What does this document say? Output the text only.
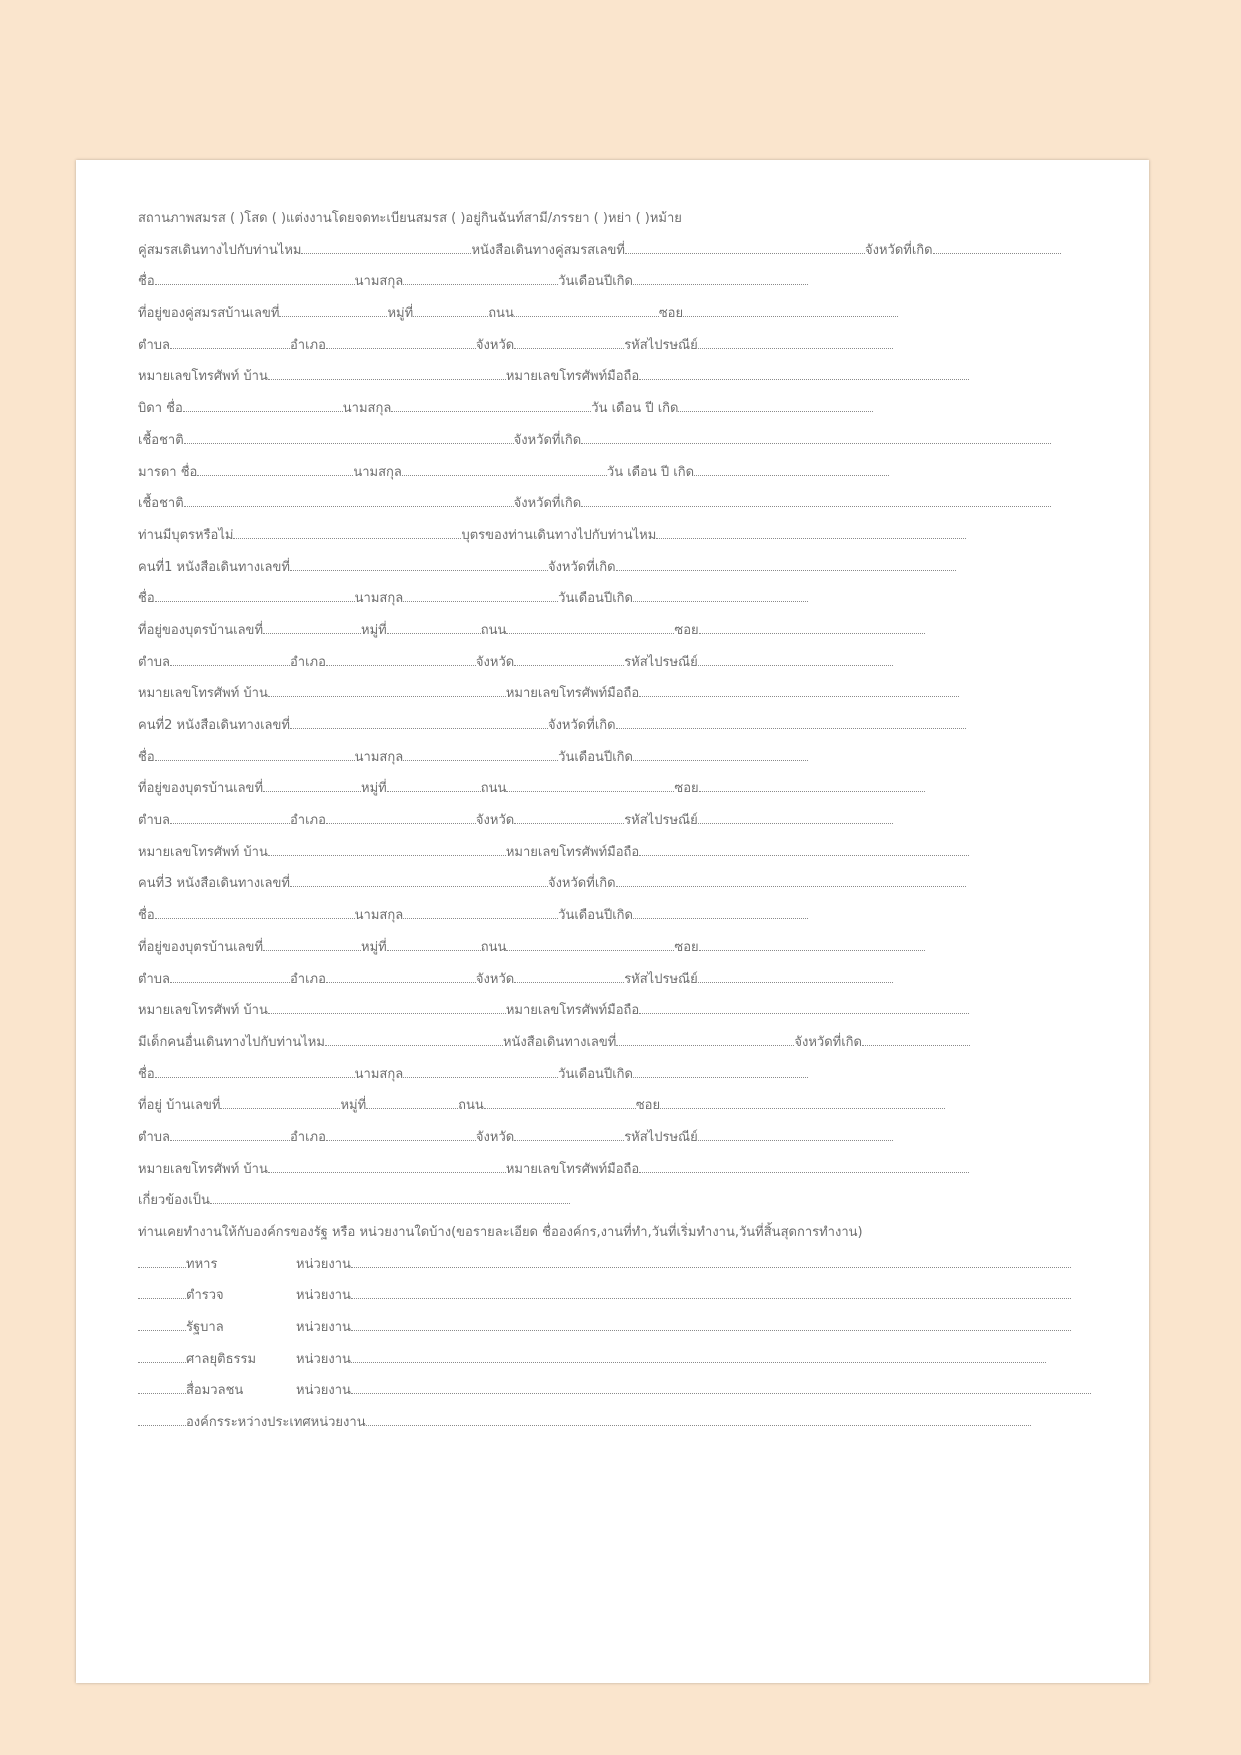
สถานภาพสมรส ( )โสด ( )แต่งงานโดยจดทะเบียนสมรส ( )อยู่กินฉันท์สามี/ภรรยา ( )หย่า ( )หม้าย
คู่สมรสเดินทางไปกับท่านไหม	หนังสือเดินทางคู่สมรสเลขที่	จังหวัดที่เกิด
ชื่อ	นามสกุล	วันเดือนปีเกิด
ที่อยู่ของคู่สมรสบ้านเลขที่	หมู่ที่	ถนน	ซอย
ตำบล	อำเภอ	จังหวัด	รหัสไปรษณีย์
หมายเลขโทรศัพท์ บ้าน	หมายเลขโทรศัพท์มือถือ
บิดา ชื่อ	นามสกุล	วัน เดือน ปี เกิด
เชื้อชาติ	จังหวัดที่เกิด
มารดา ชื่อ	นามสกุล	วัน เดือน ปี เกิด
เชื้อชาติ	จังหวัดที่เกิด
ท่านมีบุตรหรือไม่	บุตรของท่านเดินทางไปกับท่านไหม
คนที่1 หนังสือเดินทางเลขที่	จังหวัดที่เกิด
ชื่อ	นามสกุล	วันเดือนปีเกิด
ที่อยู่ของบุตรบ้านเลขที่	หมู่ที่	ถนน	ซอย
ตำบล	อำเภอ	จังหวัด	รหัสไปรษณีย์
หมายเลขโทรศัพท์ บ้าน	หมายเลขโทรศัพท์มือถือ
คนที่2 หนังสือเดินทางเลขที่	จังหวัดที่เกิด
ชื่อ	นามสกุล	วันเดือนปีเกิด
ที่อยู่ของบุตรบ้านเลขที่	หมู่ที่	ถนน	ซอย
ตำบล	อำเภอ	จังหวัด	รหัสไปรษณีย์
หมายเลขโทรศัพท์ บ้าน	หมายเลขโทรศัพท์มือถือ
คนที่3 หนังสือเดินทางเลขที่	จังหวัดที่เกิด
ชื่อ	นามสกุล	วันเดือนปีเกิด
ที่อยู่ของบุตรบ้านเลขที่	หมู่ที่	ถนน	ซอย
ตำบล	อำเภอ	จังหวัด	รหัสไปรษณีย์
หมายเลขโทรศัพท์ บ้าน	หมายเลขโทรศัพท์มือถือ
มีเด็กคนอื่นเดินทางไปกับท่านไหม	หนังสือเดินทางเลขที่	จังหวัดที่เกิด
ชื่อ	นามสกุล	วันเดือนปีเกิด
ที่อยู่ บ้านเลขที่	หมู่ที่	ถนน	ซอย
ตำบล	อำเภอ	จังหวัด	รหัสไปรษณีย์
หมายเลขโทรศัพท์ บ้าน	หมายเลขโทรศัพท์มือถือ
เกี่ยวข้องเป็น
ท่านเคยทำงานให้กับองค์กรของรัฐ หรือ หน่วยงานใดบ้าง(ขอรายละเอียด ชื่อองค์กร,งานที่ทำ,วันที่เริ่มทำงาน,วันที่สิ้นสุดการทำงาน)
ทหาร	หน่วยงาน
ตำรวจ	หน่วยงาน
รัฐบาล	หน่วยงาน
ศาลยุติธรรม	หน่วยงาน
สื่อมวลชน	หน่วยงาน
องค์กรระหว่างประเทศหน่วยงาน
